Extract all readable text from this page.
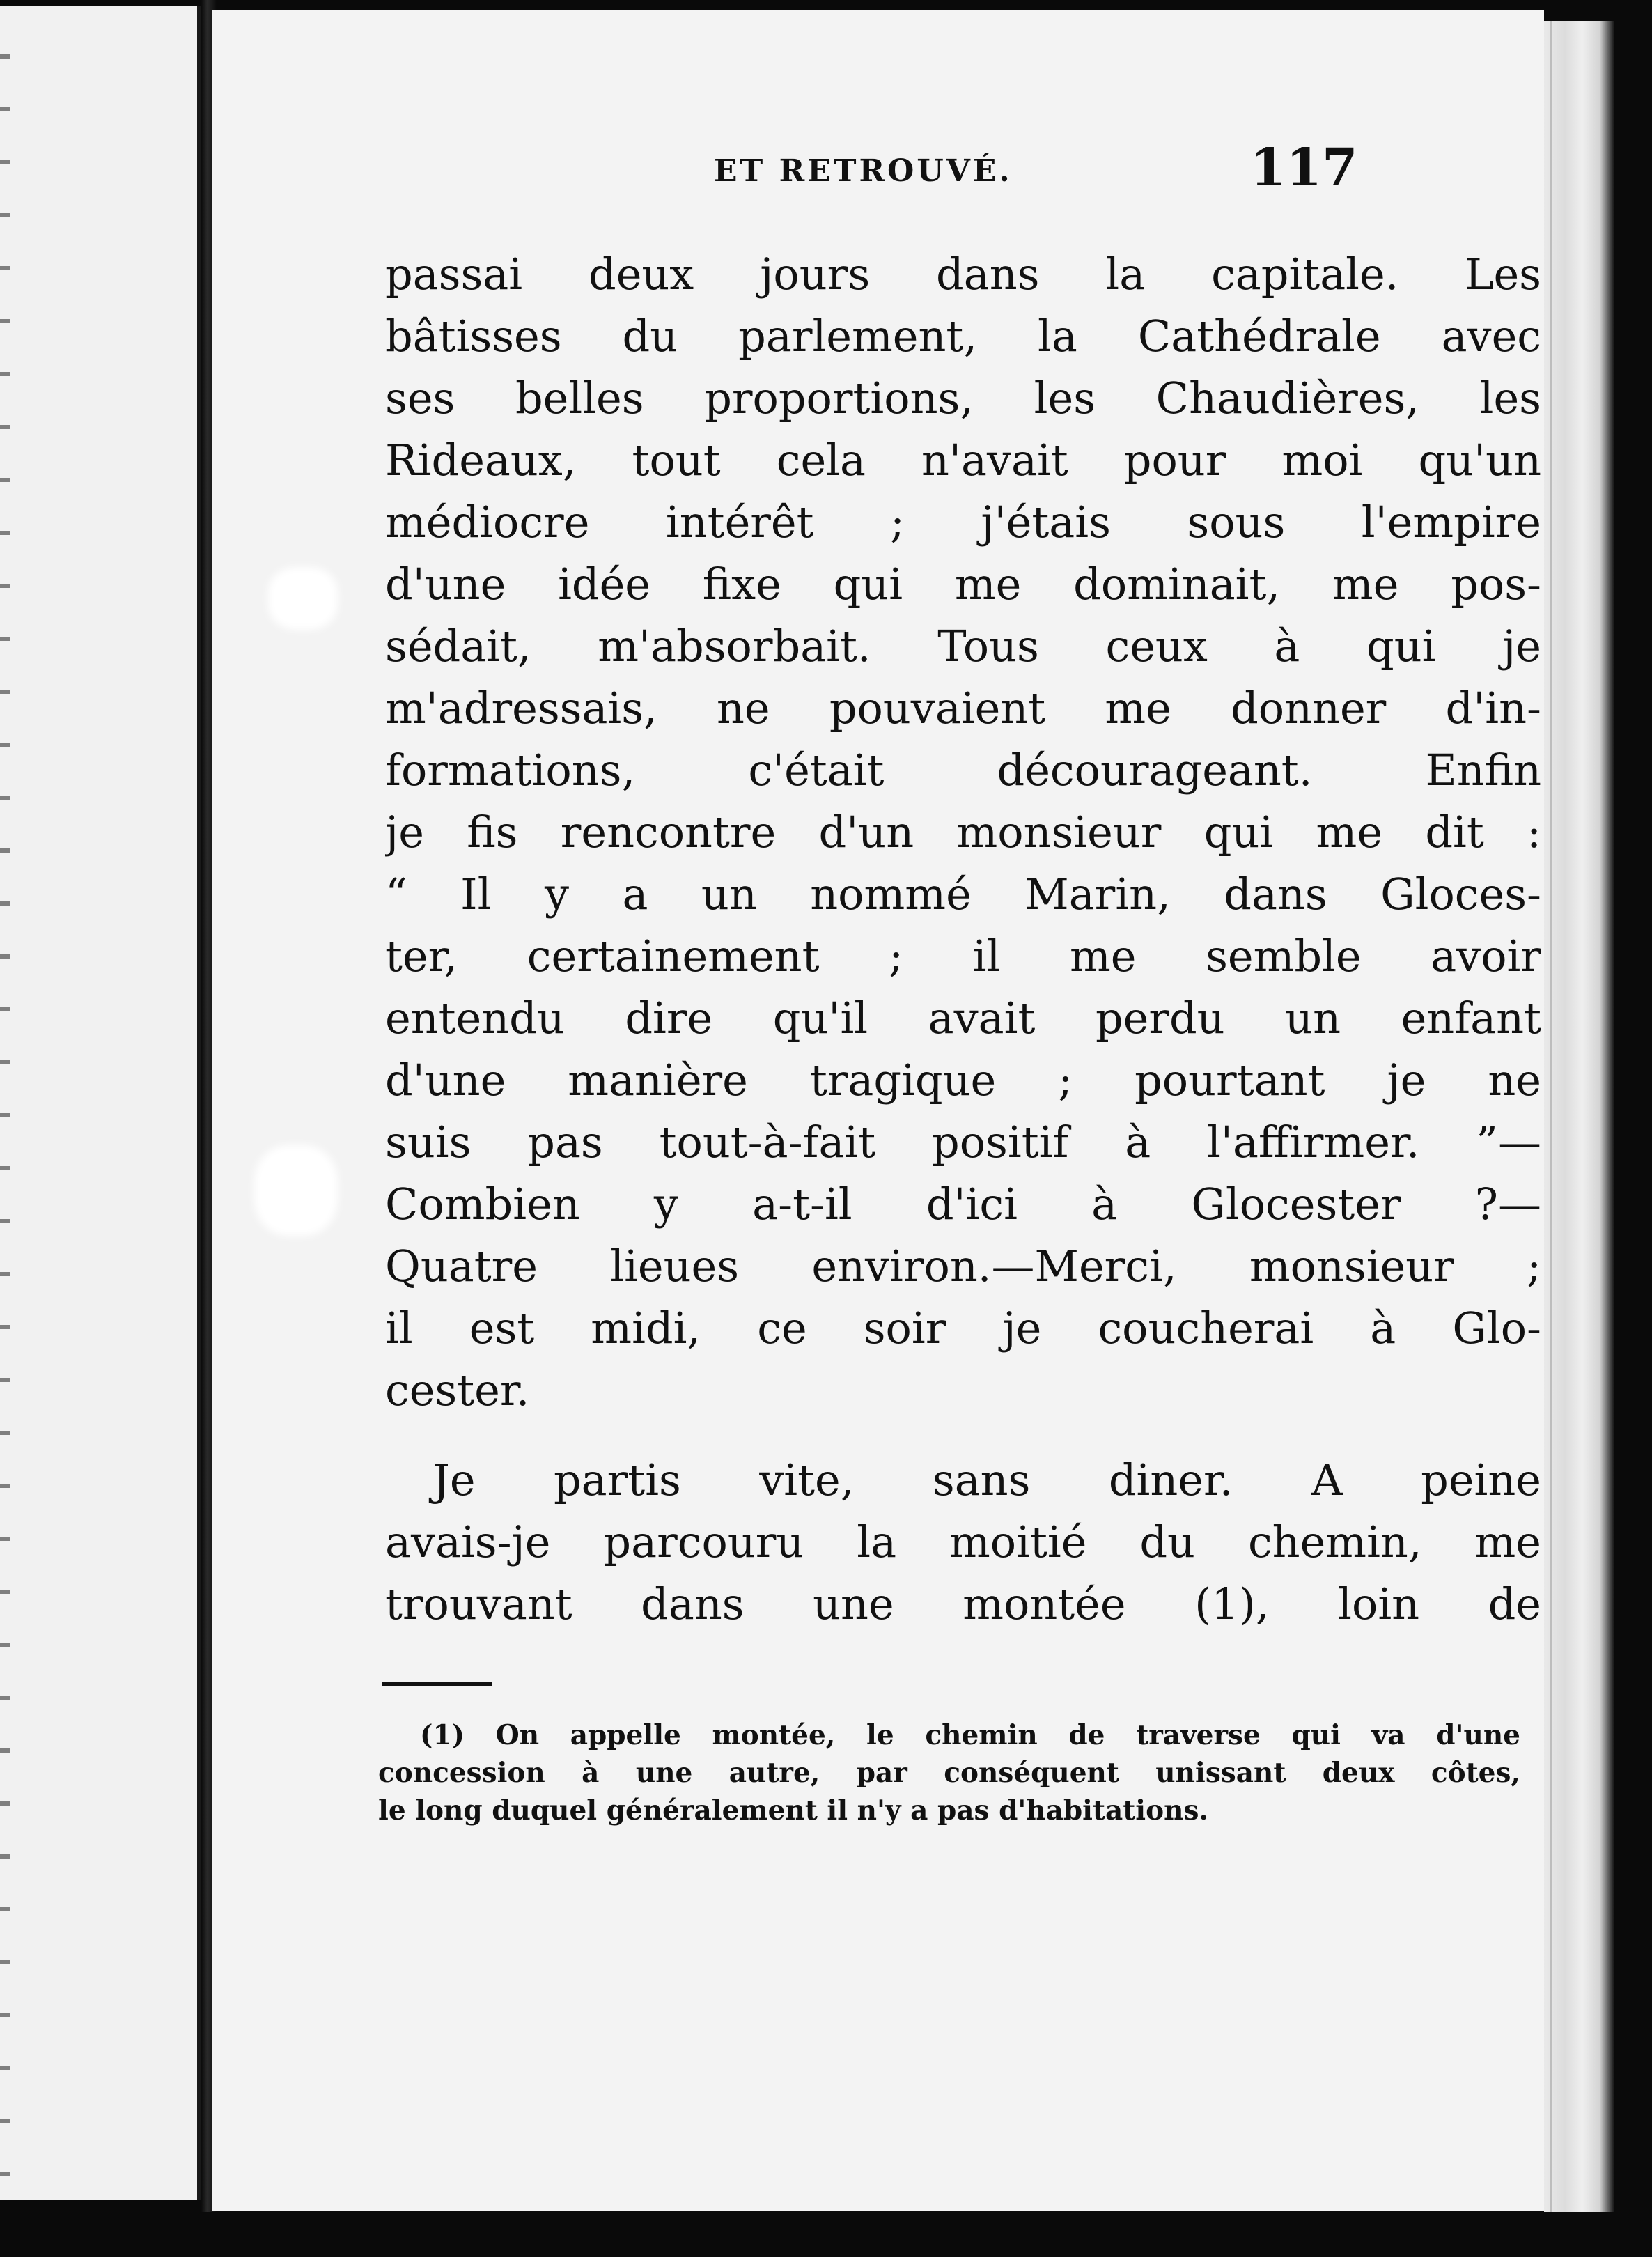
ET RETROUVÉ.	117
passai deux jours dans la capitale. Les
bâtisses du parlement, la Cathédrale avec
ses belles proportions, les Chaudières, les
Rideaux, tout cela n'avait pour moi qu'un
médiocre intérêt ; j'étais sous l'empire
d'une idée fixe qui me dominait, me pos-
sédait, m'absorbait. Tous ceux à qui je
m'adressais, ne pouvaient me donner d'in-
formations, c'était décourageant. Enfin
je fis rencontre d'un monsieur qui me dit :
“ Il y a un nommé Marin, dans Gloces-
ter, certainement ; il me semble avoir
entendu dire qu'il avait perdu un enfant
d'une manière tragique ; pourtant je ne
suis pas tout-à-fait positif à l'affirmer. ”—
Combien y a-t-il d'ici à Glocester ?—
Quatre lieues environ.—Merci, monsieur ;
il est midi, ce soir je coucherai à Glo-
cester.
Je partis vite, sans diner. A peine
avais-je parcouru la moitié du chemin, me
trouvant dans une montée (1), loin de
(1) On appelle montée, le chemin de traverse qui va d'une
concession à une autre, par conséquent unissant deux côtes,
le long duquel généralement il n'y a pas d'habitations.
